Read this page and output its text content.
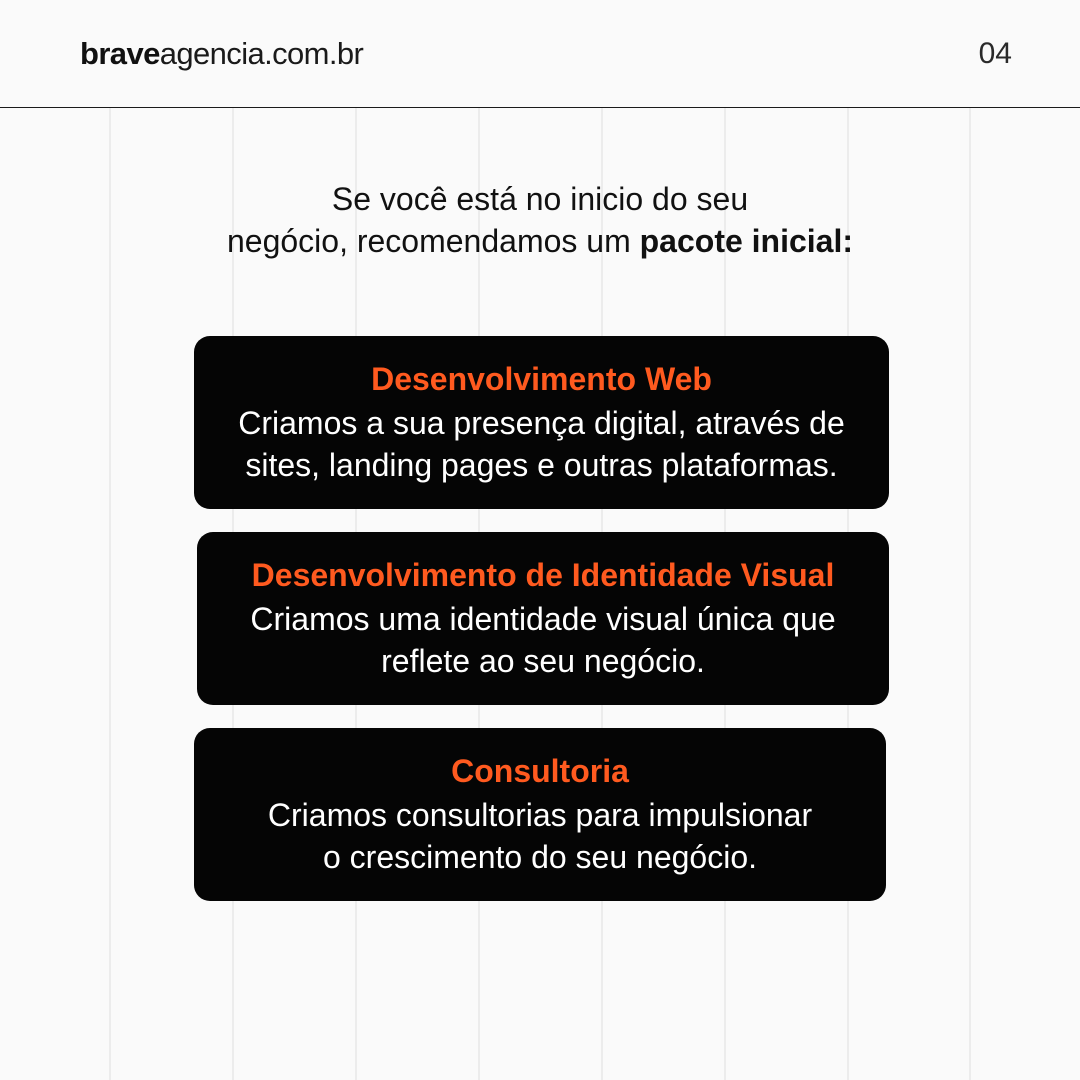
braveagencia.com.br	04
Se você está no inicio do seu
negócio, recomendamos um pacote inicial:
Desenvolvimento Web
Criamos a sua presença digital, através de
sites, landing pages e outras plataformas.
Desenvolvimento de Identidade Visual
Criamos uma identidade visual única que
reflete ao seu negócio.
Consultoria
Criamos consultorias para impulsionar
o crescimento do seu negócio.
